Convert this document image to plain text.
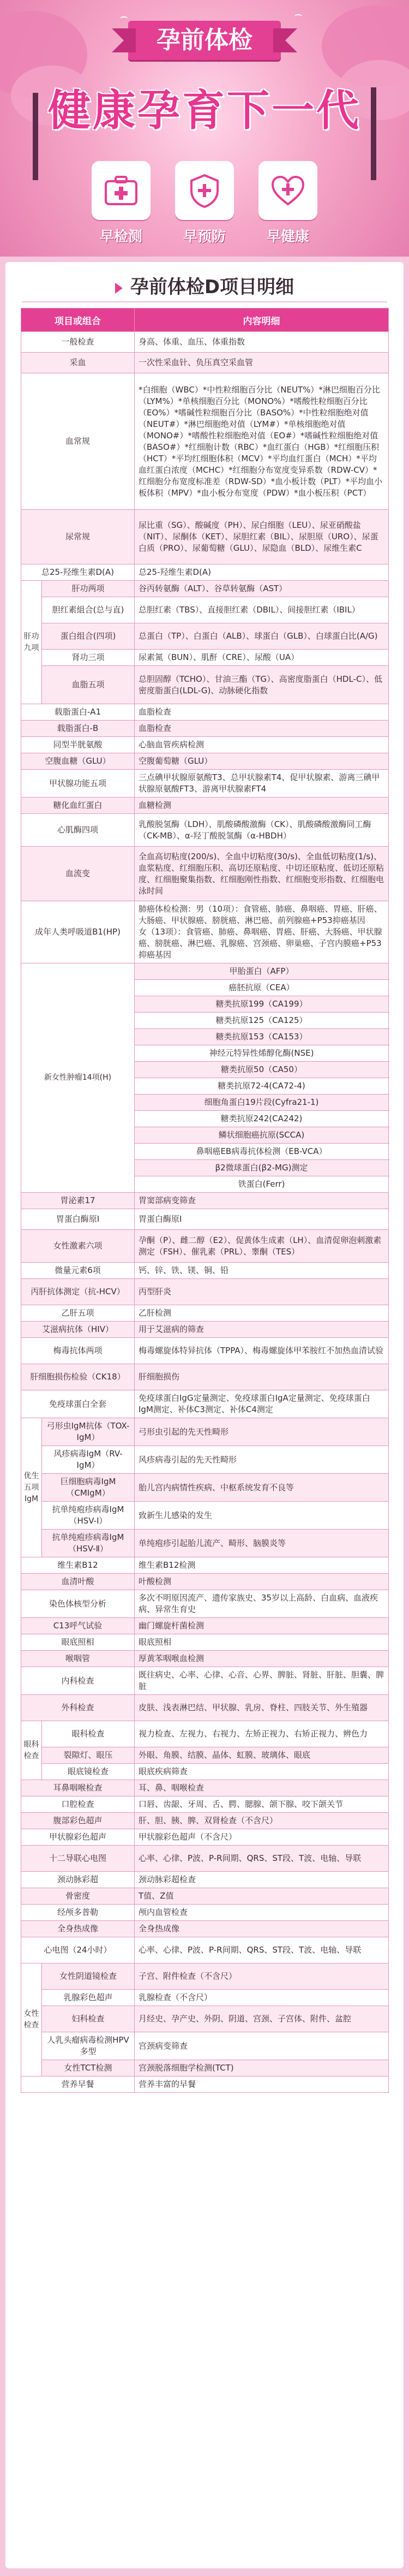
孕前体检
健康孕育下一代
早检测	早预防	早健康
孕前体检D项目明细
项目或组合		内容明细
一般检查		身高、体重、血压、体重指数
采血		一次性采血针、负压真空采血管
血常规		*白细胞（WBC）*中性粒细胞百分比（NEUT%）*淋巴细胞百分比（LYM%）*单核细胞百分比（MONO%）*嗜酸性粒细胞百分比（EO%）*嗜碱性粒细胞百分比（BASO%）*中性粒细胞绝对值（NEUT#）*淋巴细胞绝对值（LYM#）*单核细胞绝对值（MONO#）*嗜酸性粒细胞绝对值（EO#）*嗜碱性粒细胞绝对值（BASO#）*红细胞计数（RBC）*血红蛋白（HGB）*红细胞压积（HCT）*平均红细胞体积（MCV）*平均血红蛋白（MCH）*平均血红蛋白浓度（MCHC）*红细胞分布宽度变异系数（RDW-CV）*红细胞分布宽度标准差（RDW-SD）*血小板计数（PLT）*平均血小板体积（MPV）*血小板分布宽度（PDW）*血小板压积（PCT）
尿常规		尿比重（SG）、酸碱度（PH）、尿白细胞（LEU）、尿亚硝酸盐（NIT）、尿酮体（KET）、尿胆红素（BIL）、尿胆原（URO）、尿蛋白质（PRO）、尿葡萄糖（GLU）、尿隐血（BLD）、尿维生素C
总25-羟维生素D(A)		总25-羟维生素D(A)
肝功九项	肝功两项	谷丙转氨酶（ALT）、谷草转氨酶（AST）
	胆红素組合(总与直)	总胆红素（TBS）、直接胆红素（DBIL）、间接胆红素（IBIL）
	蛋白组合(四项)	总蛋白（TP）、白蛋白（ALB）、球蛋白（GLB）、白球蛋白比(A/G)
	肾功三项	尿素氮（BUN）、肌酐（CRE）、尿酸（UA）
	血脂五项	总胆固醇（TCHO）、甘油三酯（TG）、高密度脂蛋白（HDL-C）、低密度脂蛋白(LDL-G)、动脉硬化指数
载脂蛋白-A1		血脂检查
载脂蛋白-B		血脂检查
同型半胱氨酸		心脑血管疾病检测
空腹血糖（GLU）		空腹葡萄糖（GLU）
甲状腺功能五项		三点碘甲状腺原氨酸T3、总甲状腺素T4、促甲状腺素、游离三碘甲状腺原氨酸FT3、游离甲状腺素FT4
糖化血红蛋白		血糖检测
心肌酶四项		乳酸脱氢酶（LDH）、肌酸磷酸激酶（CK）、肌酸磷酸激酶同工酶（CK-MB）、α-羟丁酸脱氢酶（α-HBDH）
血流变		全血高切粘度(200/s)、全血中切粘度(30/s)、全血低切粘度(1/s)、血浆粘度、红细胞压积、高切还原粘度、中切还原粘度、低切还原粘度、红细胞聚集指数、红细胞刚性指数、红细胞变形指数、红细胞电泳时间
成年人类呼吸道B1(HP)		肺癌体检检测：男（10项）：食管癌、肺癌、鼻咽癌、胃癌、肝癌、大肠癌、甲状腺癌、膀胱癌、淋巴癌、前列腺癌+P53抑癌基因
女（13项）：食管癌、肺癌、鼻咽癌、胃癌、肝癌、大肠癌、甲状腺癌、膀胱癌、淋巴癌、乳腺癌、宫颈癌、卵巢癌、子宫内膜癌+P53抑癌基因
新女性肿瘤14项(H)		甲胎蛋白（AFP）
		癌胚抗原（CEA）
		糖类抗原199（CA199）
		糖类抗原125（CA125）
		糖类抗原153（CA153）
		神经元特异性烯醇化酶(NSE)
		糖类抗原50（CA50）
		糖类抗原72-4(CA72-4)
		细胞角蛋白19片段(Cyfra21-1)
		糖类抗原242(CA242)
		鳞状细胞癌抗原(SCCA)
		鼻咽癌EB病毒抗体检测（EB-VCA）
		β2微球蛋白(β2-MG)测定
		铁蛋白(Ferr)
胃泌素17		胃窦部病变筛查
胃蛋白酶原Ⅰ		胃蛋白酶原Ⅰ
女性激素六项		孕酮（P）、雌二醇（E2）、促黄体生成素（LH）、血清促卵泡刺激素测定（FSH）、催乳素（PRL）、睾酮（TES）
微量元素6项		钙、锌、铁、镁、铜、铅
丙肝抗体测定（抗-HCV）		丙型肝炎
乙肝五项		乙肝检测
艾滋病抗体（HIV）		用于艾滋病的筛查
梅毒抗体两项		梅毒螺旋体特异抗体（TPPA）、梅毒螺旋体甲苯胺红不加热血清试验
肝细胞损伤检验（CK18）		肝细胞损伤
免疫球蛋白全套		免疫球蛋白IgG定量测定、免疫球蛋白IgA定量测定、免疫球蛋白IgM测定、补体C3测定、补体C4测定
优生五项IgM	弓形虫IgM抗体（TOX-IgM）	弓形虫引起的先天性畸形
	风疹病毒IgM（RV-IgM）	风疹病毒引起的先天性畸形
	巨细胞病毒IgM（CMIgM）	胎儿宫内病情性疾病、中枢系统发育不良等
	抗单纯疱疹病毒IgM（HSV-Ⅰ）	致新生儿感染的发生
	抗单纯疱疹病毒IgM（HSV-Ⅱ）	单纯疱疹引起胎儿流产、畸形、脑膜炎等
维生素B12		维生素B12检测
血清叶酸		叶酸检测
染色体核型分析		多次不明原因流产、遗传家族史、35岁以上高龄、白血病、血液疾病、异常生育史
C13呼气试验		幽门螺旋杆菌检测
眼底照相		眼底照相
喉咽管		厚黄苯咽喉血检测
内科检查		既往病史、心率、心律、心音、心界、脾脏、肾脏、肝脏、胆囊、脾脏
外科检查		皮肤、浅表淋巴结、甲状腺、乳房、脊柱、四肢关节、外生殖器
眼科检查	眼科检查	视力检查、左视力、右视力、左矫正视力、右矫正视力、辨色力
	裂隙灯、眼压	外眼、角膜、结膜、晶体、虹膜、玻璃体、眼底
	眼底镜检查	眼底疾病筛查
耳鼻咽喉检查		耳、鼻、咽喉检查
口腔检查		口唇、齿龈、牙周、舌、腭、腮腺、颌下腺、咬下颌关节
腹部彩色超声		肝、胆、胰、脾、双肾检查（不含尺）
甲状腺彩色超声		甲状腺彩色超声（不含尺）
十二导联心电图		心率、心律、P波、P-R间期、QRS、ST段、T波、电轴、导联
颈动脉彩超		颈动脉彩超检查
骨密度		T值、Z值
经颅多普勒		颅内血管检查
全身热成像		全身热成像
心电图（24小时）		心率、心律、P波、P-R间期、QRS、ST段、T波、电轴、导联
女性检查	女性阴道镜检查	子宫、附件检查（不含尺）
	乳腺彩色超声	乳腺检查（不含尺）
	妇科检查	月经史、孕产史、外阴、阴道、宫颈、子宫体、附件、盆腔
	人乳头瘤病毒检测HPV多型	宫颈病变筛查
	女性TCT检测	宫颈脱落细胞学检测(TCT)
营养早餐		营养丰富的早餐
